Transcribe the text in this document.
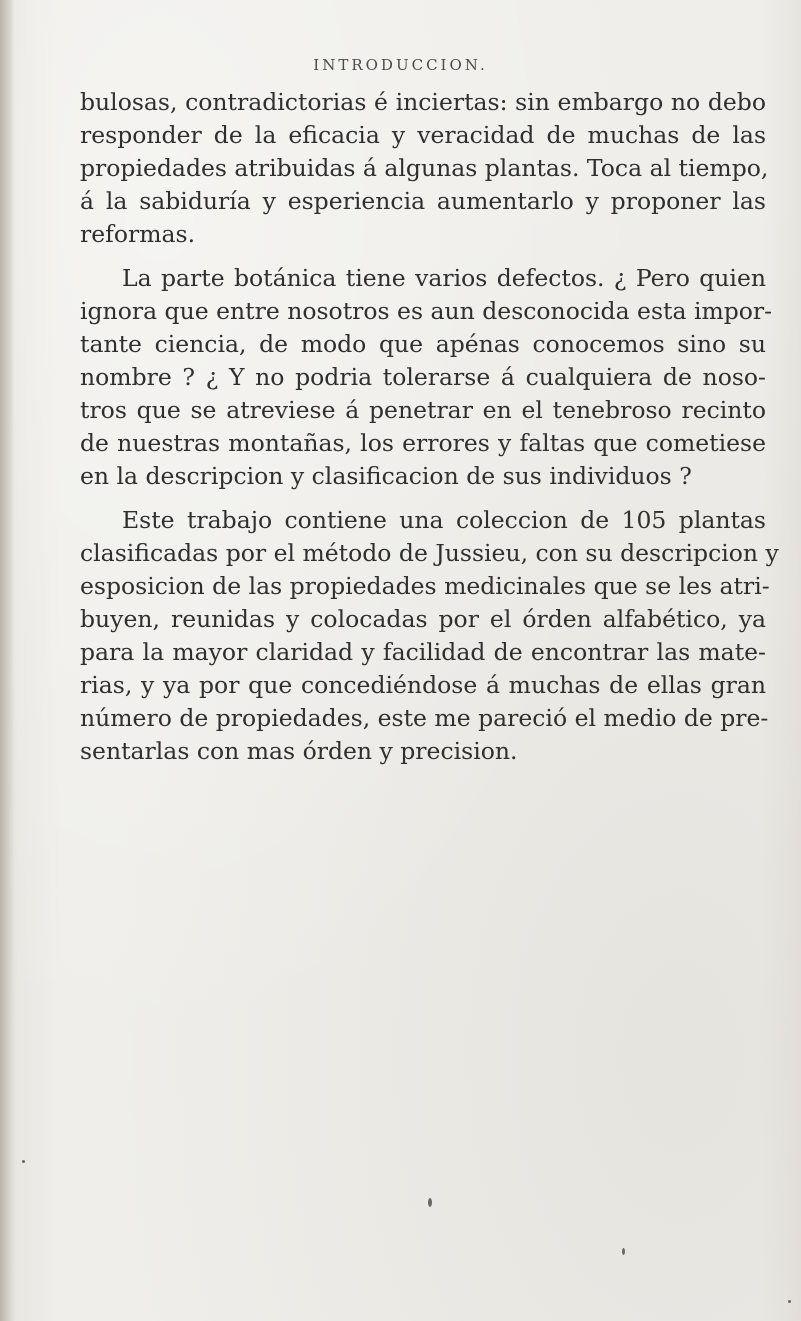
INTRODUCCION.

bulosas, contradictorias é inciertas: sin embargo no debo
responder de la eficacia y veracidad de muchas de las
propiedades atribuidas á algunas plantas. Toca al tiempo,
á la sabiduría y esperiencia aumentarlo y proponer las
reformas.

La parte botánica tiene varios defectos. ¿ Pero quien
ignora que entre nosotros es aun desconocida esta impor-
tante ciencia, de modo que apénas conocemos sino su
nombre ? ¿ Y no podria tolerarse á cualquiera de noso-
tros que se atreviese á penetrar en el tenebroso recinto
de nuestras montañas, los errores y faltas que cometiese
en la descripcion y clasificacion de sus individuos ?

Este trabajo contiene una coleccion de 105 plantas
clasificadas por el método de Jussieu, con su descripcion y
esposicion de las propiedades medicinales que se les atri-
buyen, reunidas y colocadas por el órden alfabético, ya
para la mayor claridad y facilidad de encontrar las mate-
rias, y ya por que concediéndose á muchas de ellas gran
número de propiedades, este me pareció el medio de pre-
sentarlas con mas órden y precision.
